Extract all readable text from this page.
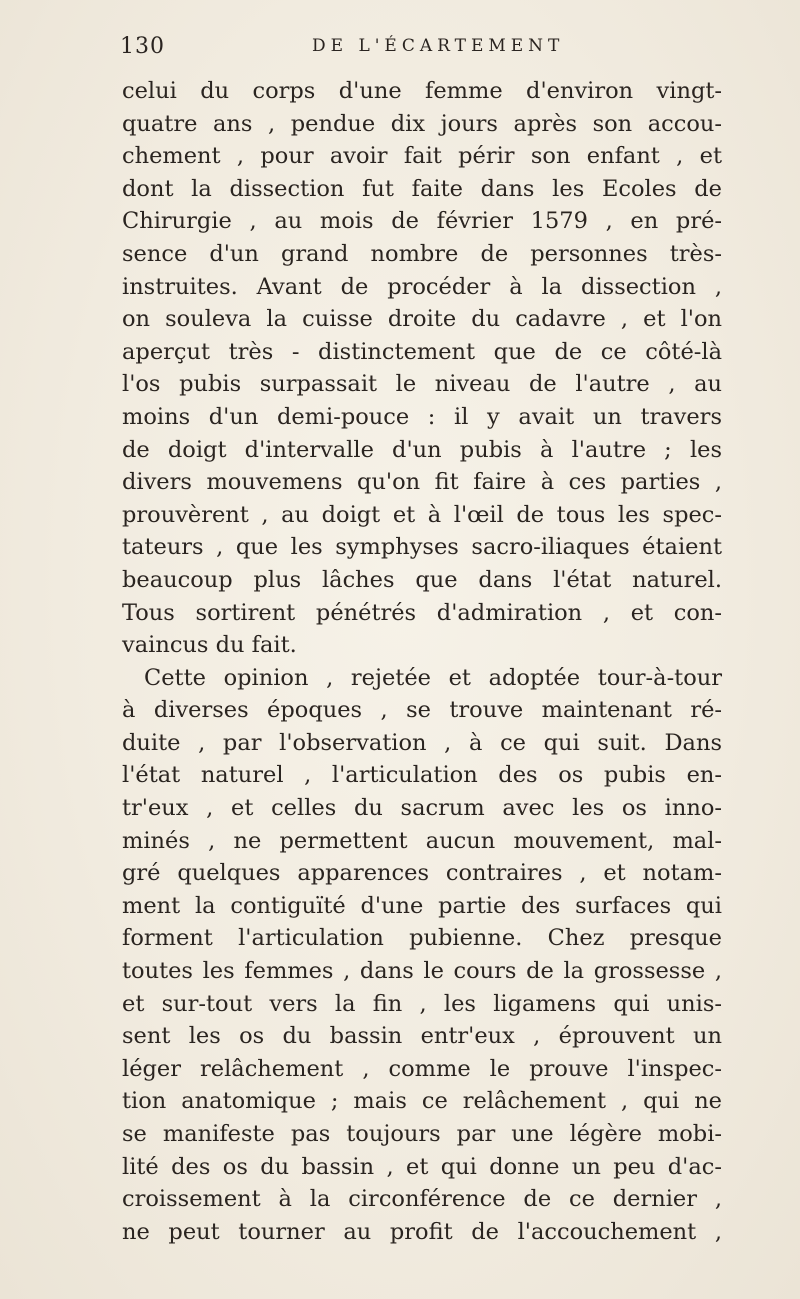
130	DE L'ÉCARTEMENT
celui du corps d'une femme d'environ vingt-
quatre ans , pendue dix jours après son accou-
chement , pour avoir fait périr son enfant , et
dont la dissection fut faite dans les Ecoles de
Chirurgie , au mois de février 1579 , en pré-
sence d'un grand nombre de personnes très-
instruites. Avant de procéder à la dissection ,
on souleva la cuisse droite du cadavre , et l'on
aperçut très - distinctement que de ce côté-là
l'os pubis surpassait le niveau de l'autre , au
moins d'un demi-pouce : il y avait un travers
de doigt d'intervalle d'un pubis à l'autre ; les
divers mouvemens qu'on fit faire à ces parties ,
prouvèrent , au doigt et à l'œil de tous les spec-
tateurs , que les symphyses sacro-iliaques étaient
beaucoup plus lâches que dans l'état naturel.
Tous sortirent pénétrés d'admiration , et con-
vaincus du fait.
Cette opinion , rejetée et adoptée tour-à-tour
à diverses époques , se trouve maintenant ré-
duite , par l'observation , à ce qui suit. Dans
l'état naturel , l'articulation des os pubis en-
tr'eux , et celles du sacrum avec les os inno-
minés , ne permettent aucun mouvement, mal-
gré quelques apparences contraires , et notam-
ment la contiguïté d'une partie des surfaces qui
forment l'articulation pubienne. Chez presque
toutes les femmes , dans le cours de la grossesse ,
et sur-tout vers la fin , les ligamens qui unis-
sent les os du bassin entr'eux , éprouvent un
léger relâchement , comme le prouve l'inspec-
tion anatomique ; mais ce relâchement , qui ne
se manifeste pas toujours par une légère mobi-
lité des os du bassin , et qui donne un peu d'ac-
croissement à la circonférence de ce dernier ,
ne peut tourner au profit de l'accouchement ,
